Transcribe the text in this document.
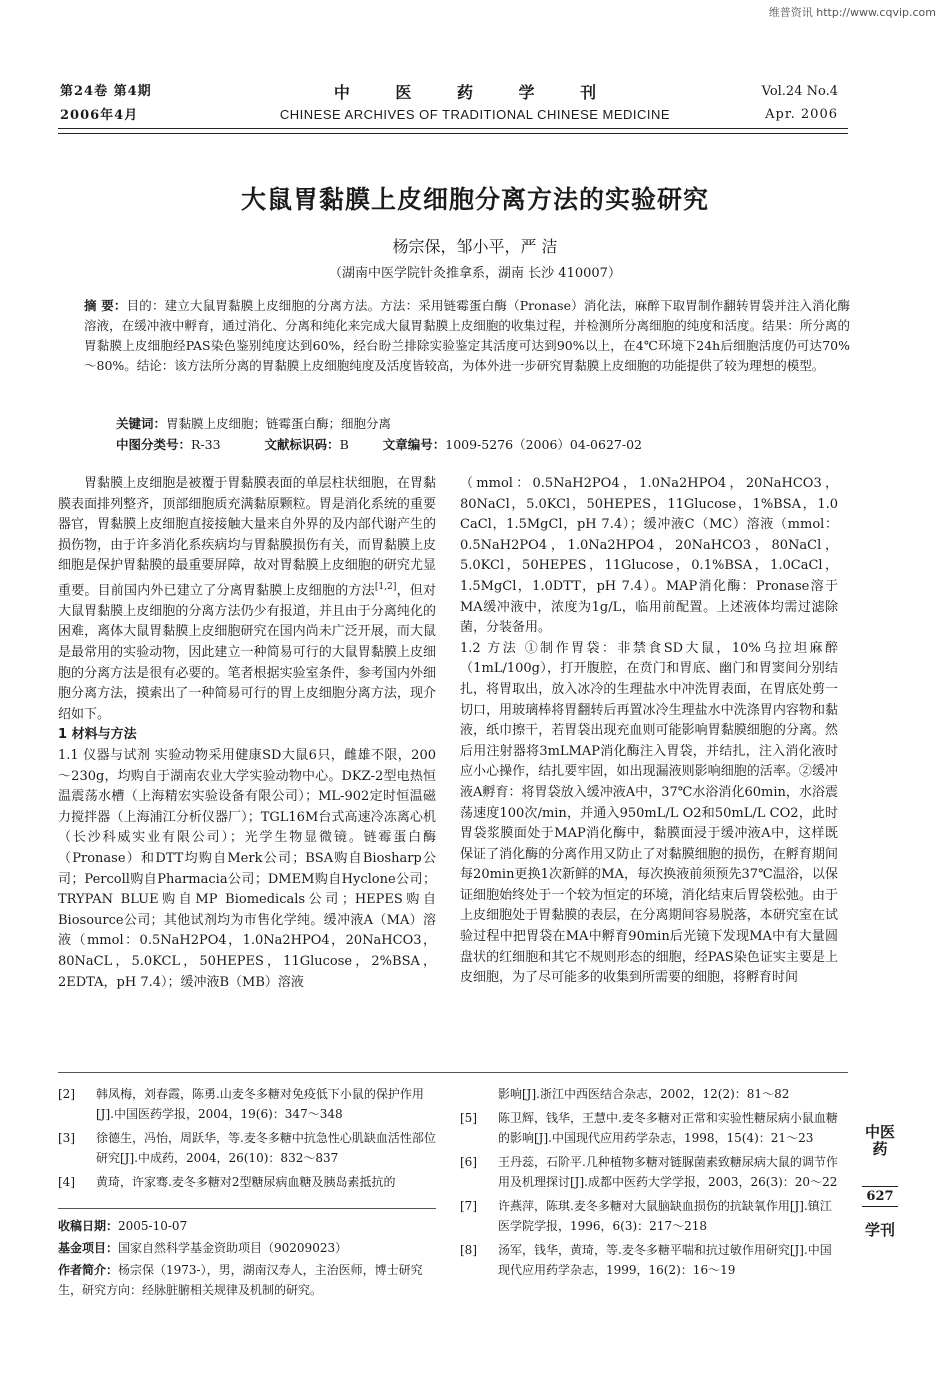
维普资讯 http://www.cqvip.com
第24卷 第4期
2006年4月
中 医 药 学 刊
CHINESE ARCHIVES OF TRADITIONAL CHINESE MEDICINE
Vol.24 No.4
Apr. 2006
大鼠胃黏膜上皮细胞分离方法的实验研究
杨宗保，邹小平，严 洁
（湖南中医学院针灸推拿系，湖南 长沙 410007）
摘 要：目的：建立大鼠胃黏膜上皮细胞的分离方法。方法：采用链霉蛋白酶（Pronase）消化法，麻醉下取胃制作翻转胃袋并注入消化酶溶液，在缓冲液中孵育，通过消化、分离和纯化来完成大鼠胃黏膜上皮细胞的收集过程，并检测所分离细胞的纯度和活度。结果：所分离的胃黏膜上皮细胞经PAS染色鉴别纯度达到60%，经台盼兰排除实验鉴定其活度可达到90%以上，在4℃环境下24h后细胞活度仍可达70%～80%。结论：该方法所分离的胃黏膜上皮细胞纯度及活度皆较高，为体外进一步研究胃黏膜上皮细胞的功能提供了较为理想的模型。
关键词：胃黏膜上皮细胞；链霉蛋白酶；细胞分离
中图分类号：R-33	文献标识码：B	文章编号：1009-5276（2006）04-0627-02

胃黏膜上皮细胞是被覆于胃黏膜表面的单层柱状细胞，在胃黏膜表面排列整齐，顶部细胞质充满黏原颗粒。胃是消化系统的重要器官，胃黏膜上皮细胞直接接触大量来自外界的及内部代谢产生的损伤物，由于许多消化系疾病均与胃黏膜损伤有关，而胃黏膜上皮细胞是保护胃黏膜的最重要屏障，故对胃黏膜上皮细胞的研究尤显重要。目前国内外已建立了分离胃黏膜上皮细胞的方法[1,2]，但对大鼠胃黏膜上皮细胞的分离方法仍少有报道，并且由于分离纯化的困难，离体大鼠胃黏膜上皮细胞研究在国内尚未广泛开展，而大鼠是最常用的实验动物，因此建立一种简易可行的大鼠胃黏膜上皮细胞的分离方法是很有必要的。笔者根据实验室条件，参考国内外细胞分离方法，摸索出了一种简易可行的胃上皮细胞分离方法，现介绍如下。

1 材料与方法

1.1 仪器与试剂 实验动物采用健康SD大鼠6只，雌雄不限，200～230g，均购自于湖南农业大学实验动物中心。DKZ-2型电热恒温震荡水槽（上海精宏实验设备有限公司）；ML-902定时恒温磁力搅拌器（上海浦江分析仪器厂）；TGL16M台式高速冷冻离心机（长沙科威实业有限公司）；光学生物显微镜。链霉蛋白酶（Pronase）和DTT均购自Merk公司；BSA购自Biosharp公司；Percoll购自Pharmacia公司；DMEM购自Hyclone公司；TRYPAN BLUE购自MP Biomedicals公司；HEPES购自Biosource公司；其他试剂均为市售化学纯。缓冲液A（MA）溶液（mmol：0.5NaH2PO4，1.0Na2HPO4，20NaHCO3，80NaCL，5.0KCL，50HEPES，11Glucose，2%BSA，2EDTA，pH 7.4）；缓冲液B（MB）溶液

（mmol：0.5NaH2PO4，1.0Na2HPO4，20NaHCO3，80NaCl，5.0KCl，50HEPES，11Glucose，1%BSA，1.0 CaCl，1.5MgCl，pH 7.4）；缓冲液C（MC）溶液（mmol：0.5NaH2PO4，1.0Na2HPO4，20NaHCO3，80NaCl，5.0KCl，50HEPES，11Glucose，0.1%BSA，1.0CaCl，1.5MgCl，1.0DTT，pH 7.4）。MAP消化酶：Pronase溶于MA缓冲液中，浓度为1g/L，临用前配置。上述液体均需过滤除菌，分装备用。

1.2 方法 ①制作胃袋：非禁食SD大鼠，10%乌拉坦麻醉（1mL/100g），打开腹腔，在贲门和胃底、幽门和胃窦间分别结扎，将胃取出，放入冰冷的生理盐水中冲洗胃表面，在胃底处剪一切口，用玻璃棒将胃翻转后再置冰冷生理盐水中洗涤胃内容物和黏液，纸巾擦干，若胃袋出现充血则可能影响胃黏膜细胞的分离。然后用注射器将3mLMAP消化酶注入胃袋，并结扎，注入消化液时应小心操作，结扎要牢固，如出现漏液则影响细胞的活率。②缓冲液A孵育：将胃袋放入缓冲液A中，37℃水浴消化60min，水浴震荡速度100次/min，并通入950mL/L O2和50mL/L CO2，此时胃袋浆膜面处于MAP消化酶中，黏膜面浸于缓冲液A中，这样既保证了消化酶的分离作用又防止了对黏膜细胞的损伤，在孵育期间每20min更换1次新鲜的MA，每次换液前须预先37℃温浴，以保证细胞始终处于一个较为恒定的环境，消化结束后胃袋松弛。由于上皮细胞处于胃黏膜的表层，在分离期间容易脱落，本研究室在试验过程中把胃袋在MA中孵育90min后光镜下发现MA中有大量圆盘状的红细胞和其它不规则形态的细胞，经PAS染色证实主要是上皮细胞，为了尽可能多的收集到所需要的细胞，将孵育时间

[2] 韩凤梅，刘春霞，陈勇.山麦冬多糖对免疫低下小鼠的保护作用[J].中国医药学报，2004，19(6)：347～348
[3] 徐德生，冯怡，周跃华，等.麦冬多糖中抗急性心肌缺血活性部位研究[J].中成药，2004，26(10)：832～837
[4] 黄琦，许家骞.麦冬多糖对2型糖尿病血糖及胰岛素抵抗的
影响[J].浙江中西医结合杂志，2002，12(2)：81～82
[5] 陈卫辉，钱华，王慧中.麦冬多糖对正常和实验性糖尿病小鼠血糖的影响[J].中国现代应用药学杂志，1998，15(4)：21～23
[6] 王丹蕊，石阶平.几种植物多糖对链脲菌素致糖尿病大鼠的调节作用及机理探讨[J].成都中医药大学学报，2003，26(3)：20～22
[7] 许燕萍，陈琪.麦冬多糖对大鼠脑缺血损伤的抗缺氧作用[J].镇江医学院学报，1996，6(3)：217～218
[8] 汤军，钱华，黄琦，等.麦冬多糖平喘和抗过敏作用研究[J].中国现代应用药学杂志，1999，16(2)：16～19
收稿日期：2005-10-07
基金项目：国家自然科学基金资助项目（90209023）
作者简介：杨宗保（1973-），男，湖南汉寿人，主治医师，博士研究生，研究方向：经脉脏腑相关规律及机制的研究。
中医药
627
学刊
